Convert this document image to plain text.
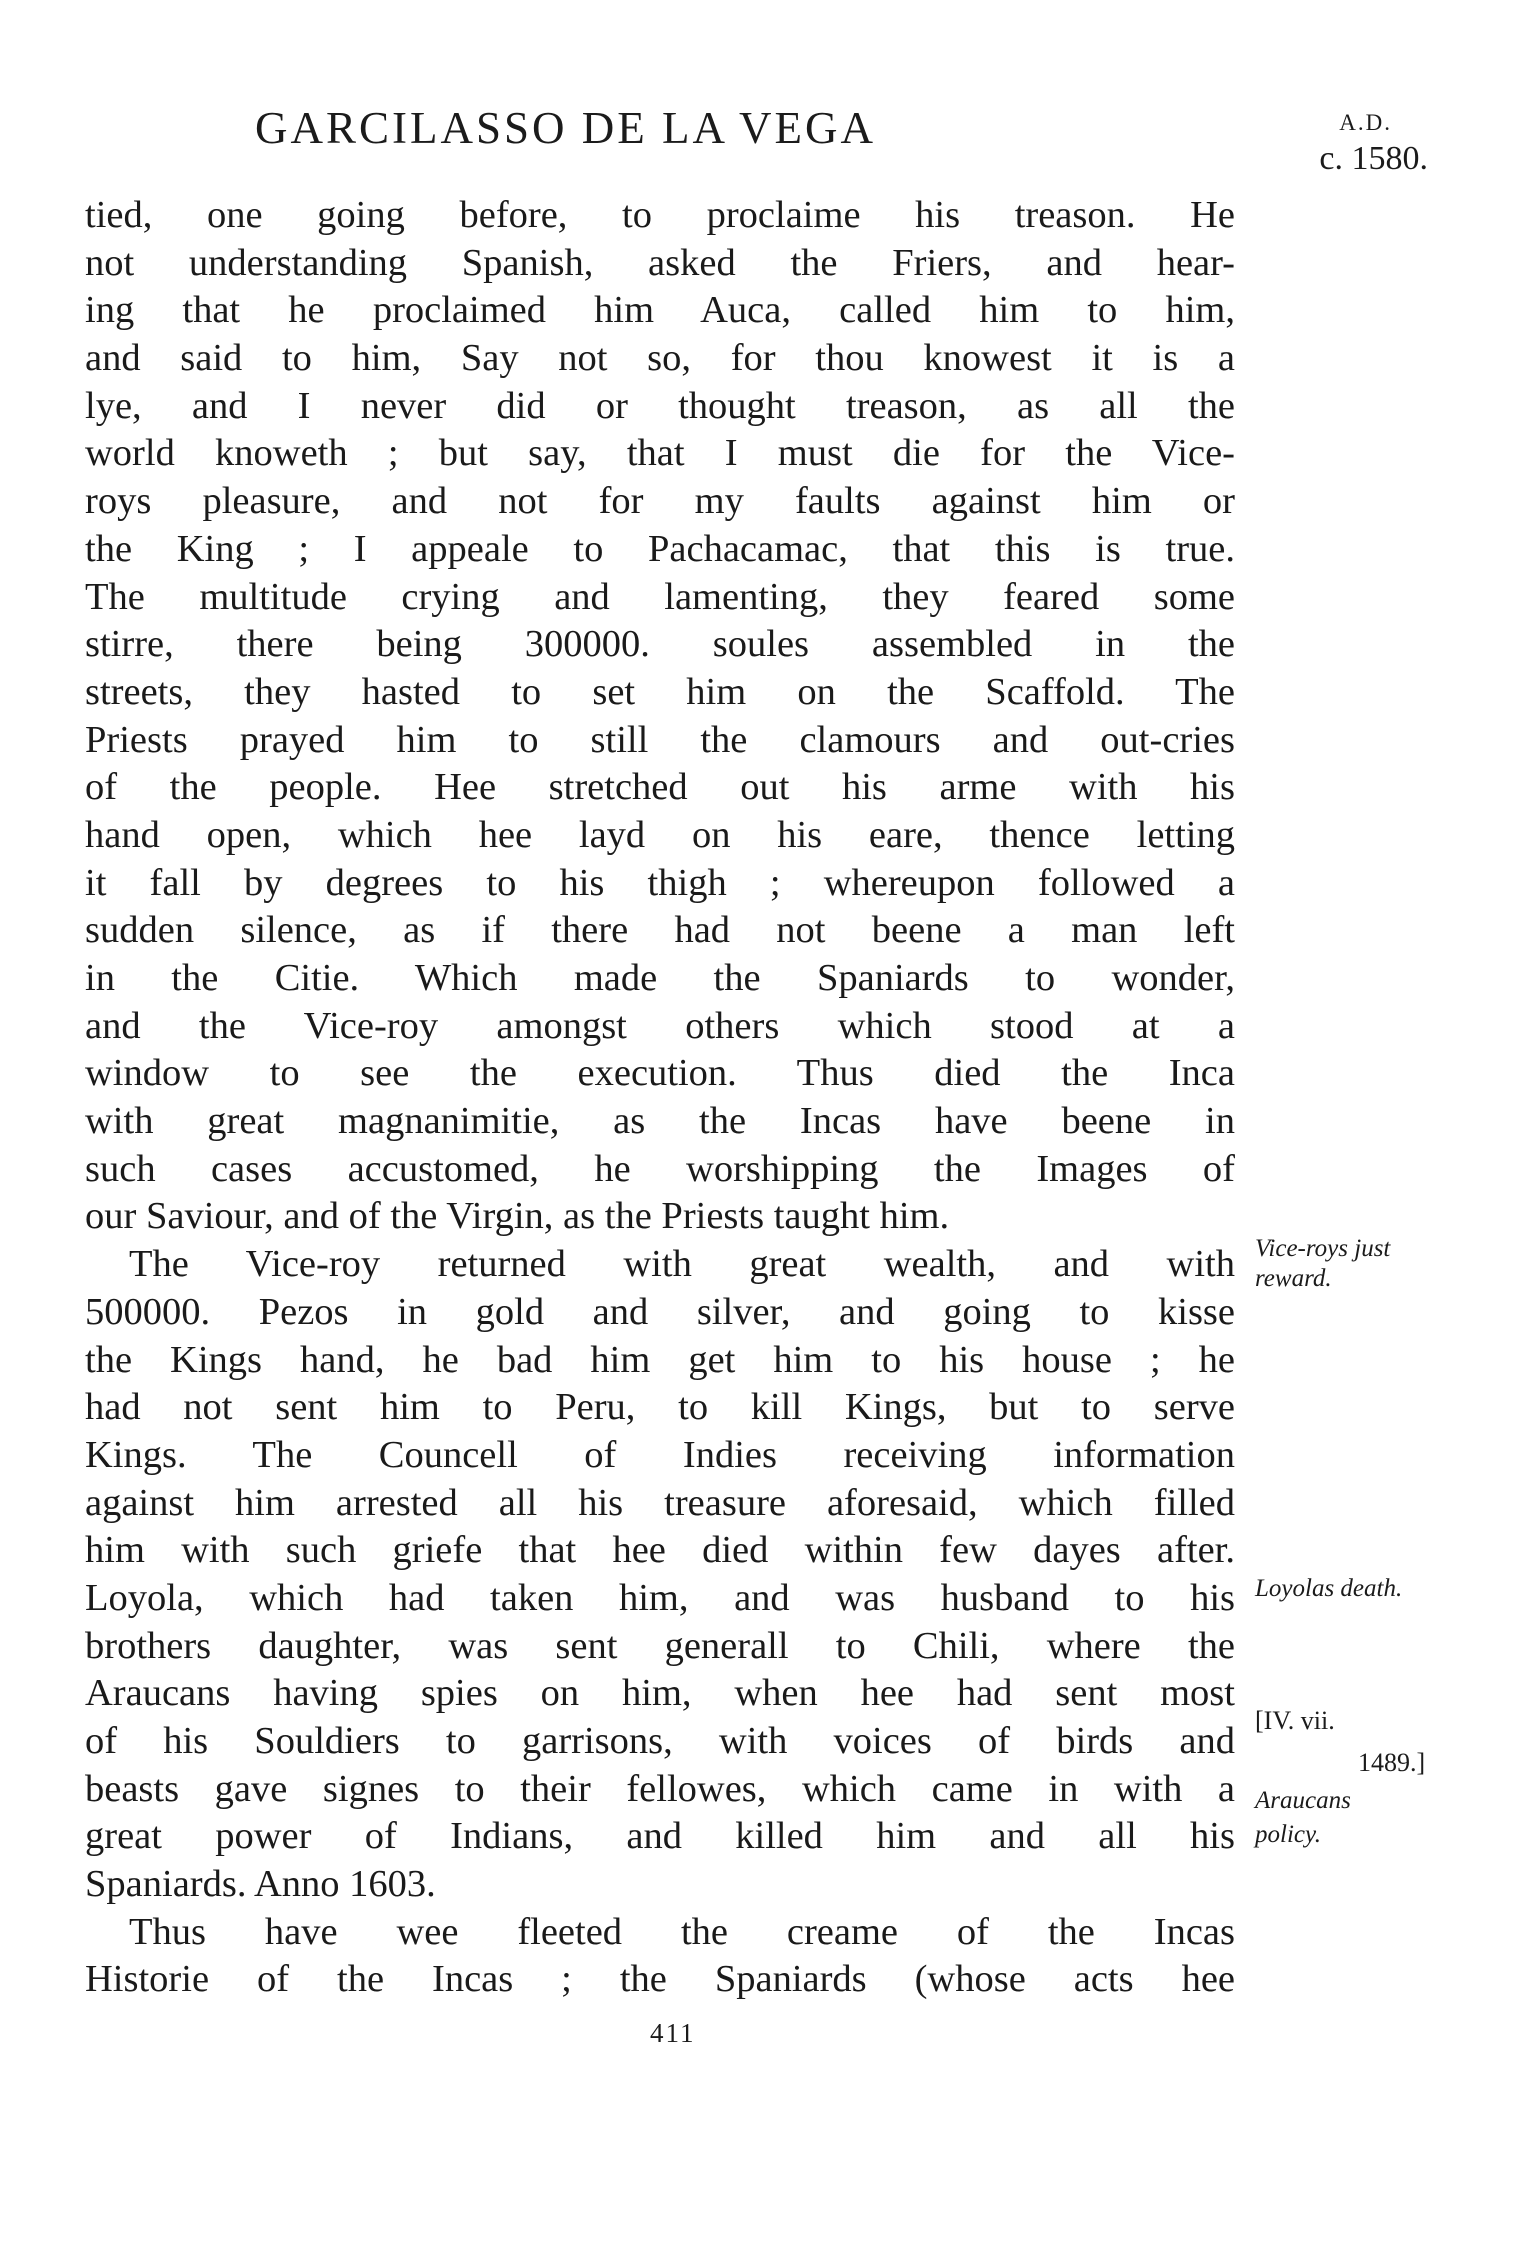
GARCILASSO DE LA VEGA	A.D.
c. 1580.
tied, one going before, to proclaime his treason. He
not understanding Spanish, asked the Friers, and hear-
ing that he proclaimed him Auca, called him to him,
and said to him, Say not so, for thou knowest it is a
lye, and I never did or thought treason, as all the
world knoweth ; but say, that I must die for the Vice-
roys pleasure, and not for my faults against him or
the King ; I appeale to Pachacamac, that this is true.
The multitude crying and lamenting, they feared some
stirre, there being 300000. soules assembled in the
streets, they hasted to set him on the Scaffold. The
Priests prayed him to still the clamours and out-cries
of the people. Hee stretched out his arme with his
hand open, which hee layd on his eare, thence letting
it fall by degrees to his thigh ; whereupon followed a
sudden silence, as if there had not beene a man left
in the Citie. Which made the Spaniards to wonder,
and the Vice-roy amongst others which stood at a
window to see the execution. Thus died the Inca
with great magnanimitie, as the Incas have beene in
such cases accustomed, he worshipping the Images of
our Saviour, and of the Virgin, as the Priests taught him.
The Vice-roy returned with great wealth, and with
500000. Pezos in gold and silver, and going to kisse
the Kings hand, he bad him get him to his house ; he
had not sent him to Peru, to kill Kings, but to serve
Kings. The Councell of Indies receiving information
against him arrested all his treasure aforesaid, which filled
him with such griefe that hee died within few dayes after.
Loyola, which had taken him, and was husband to his
brothers daughter, was sent generall to Chili, where the
Araucans having spies on him, when hee had sent most
of his Souldiers to garrisons, with voices of birds and
beasts gave signes to their fellowes, which came in with a
great power of Indians, and killed him and all his
Spaniards. Anno 1603.
Thus have wee fleeted the creame of the Incas
Historie of the Incas ; the Spaniards (whose acts hee
Vice-roys just
reward.
Loyolas death.
[IV. vii.
1489.]
Araucans
policy.
411
